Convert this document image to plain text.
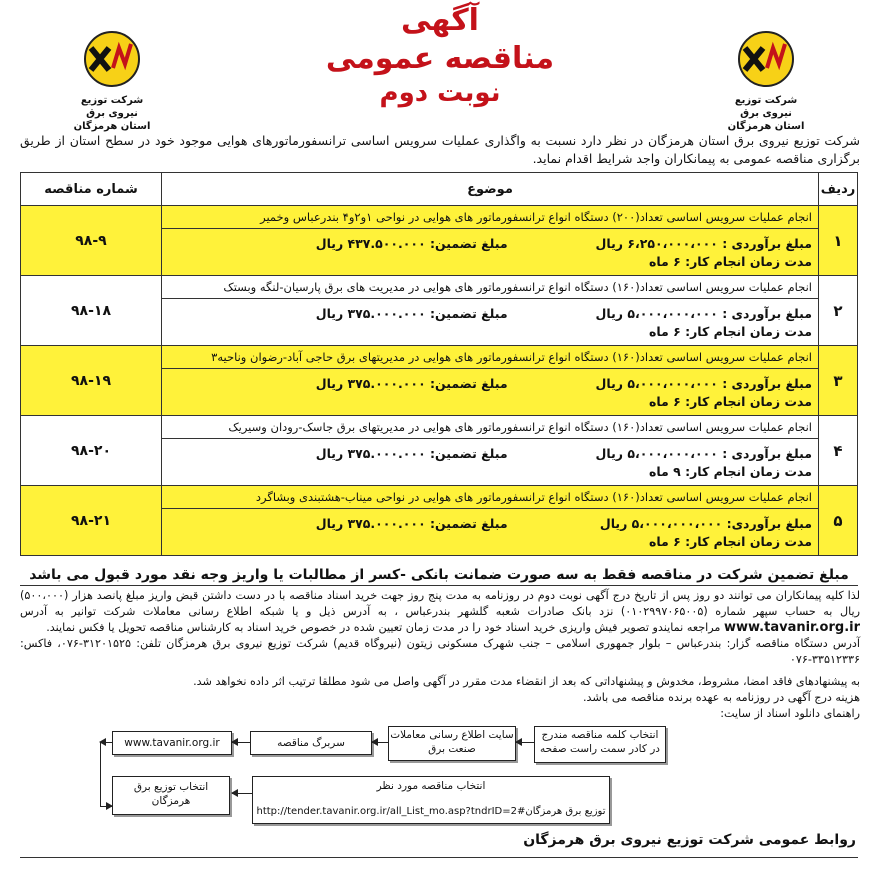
شرکت توزیع نیروی برق
استان هرمزگان
شرکت توزیع نیروی برق
استان هرمزگان
آگهی
مناقصه عمومی
نوبت دوم
شرکت توزیع نیروی برق استان هرمزگان در نظر دارد نسبت به واگذاری عملیات سرویس اساسی ترانسفورماتورهای هوایی موجود خود در سطح استان از طریق برگزاری مناقصه عمومی به پیمانکاران واجد شرایط اقدام نماید.
ردیف	موضوع	شماره مناقصه
۱	انجام عملیات سرویس اساسی تعداد(۲۰۰) دستگاه انواع ترانسفورماتور های هوایی در نواحی ۱و۲و۴ بندرعباس وخمیر
مبلغ برآوردی : ۶،۲۵۰،۰۰۰،۰۰۰ ریال مبلغ تضمین: ۴۳۷.۵۰۰.۰۰۰ ریال
مدت زمان انجام کار: ۶ ماه	۹۸-۹
۲	انجام عملیات سرویس اساسی تعداد(۱۶۰) دستگاه انواع ترانسفورماتور های هوایی در مدیریت های برق پارسیان-لنگه وبستک
مبلغ برآوردی : ۵،۰۰۰،۰۰۰،۰۰۰ ریال مبلغ تضمین: ۳۷۵.۰۰۰.۰۰۰ ریال
مدت زمان انجام کار: ۶ ماه	۹۸-۱۸
۳	انجام عملیات سرویس اساسی تعداد(۱۶۰) دستگاه انواع ترانسفورماتور های هوایی در مدیریتهای برق حاجی آباد-رضوان وناحیه۳
مبلغ برآوردی : ۵،۰۰۰،۰۰۰،۰۰۰ ریال مبلغ تضمین: ۳۷۵.۰۰۰.۰۰۰ ریال
مدت زمان انجام کار: ۶ ماه	۹۸-۱۹
۴	انجام عملیات سرویس اساسی تعداد(۱۶۰) دستگاه انواع ترانسفورماتور های هوایی در مدیریتهای برق جاسک-رودان وسیریک
مبلغ برآوردی : ۵،۰۰۰،۰۰۰،۰۰۰ ریال مبلغ تضمین: ۳۷۵.۰۰۰.۰۰۰ ریال
مدت زمان انجام کار: ۹ ماه	۹۸-۲۰
۵	انجام عملیات سرویس اساسی تعداد(۱۶۰) دستگاه انواع ترانسفورماتور های هوایی در نواحی میناب-هشتبندی وبشاگرد
مبلغ برآوردی: ۵،۰۰۰،۰۰۰،۰۰۰ ریال مبلغ تضمین: ۳۷۵.۰۰۰.۰۰۰ ریال
مدت زمان انجام کار: ۶ ماه	۹۸-۲۱
مبلغ تضمین شرکت در مناقصه فقط به سه صورت ضمانت بانکی -کسر از مطالبات یا واریز وجه نقد مورد قبول می باشد

لذا کلیه پیمانکاران می توانند دو روز پس از تاریخ درج آگهی نوبت دوم در روزنامه به مدت پنج روز جهت خرید اسناد مناقصه با در دست داشتن قبض واریز مبلغ پانصد هزار (۵۰۰،۰۰۰) ریال به حساب سپهر شماره (۰۱۰۲۹۹۷۰۶۵۰۰۵) نزد بانک صادرات شعبه گلشهر بندرعباس ، به آدرس ذیل و یا شبکه اطلاع رسانی معاملات شرکت توانیر به آدرس www.tavanir.org.ir مراجعه نمایندو تصویر فیش واریزی خرید اسناد خود را در مدت زمان تعیین شده در خصوص خرید اسناد به کارشناس مناقصه تحویل یا فکس نمایند.

آدرس دستگاه مناقصه گزار: بندرعباس – بلوار جمهوری اسلامی – جنب شهرک مسکونی زیتون (نیروگاه قدیم) شرکت توزیع نیروی برق هرمزگان تلفن: ۳۱۲۰۱۵۲۵-۰۷۶، فاکس: ۳۳۵۱۲۳۳۶-۰۷۶

به پیشنهادهای فاقد امضا، مشروط، مخدوش و پیشنهاداتی که بعد از انقضاء مدت مقرر در آگهی واصل می شود مطلقا ترتیب اثر داده نخواهد شد.

هزینه درج آگهی در روزنامه به عهده برنده مناقصه می باشد.

راهنمای دانلود اسناد از سایت:

www.tavanir.org.ir	سربرگ مناقصه
سایت اطلاع رسانی معاملات صنعت برق
انتخاب کلمه مناقصه مندرج در کادر سمت راست صفحه
انتخاب توزیع برق هرمزگان
انتخاب مناقصه مورد نظر
http://tender.tavanir.org.ir/all_List_mo.asp?tndrID=توزیع برق هرمزگان#2
روابط عمومی شرکت توزیع نیروی برق هرمزگان
